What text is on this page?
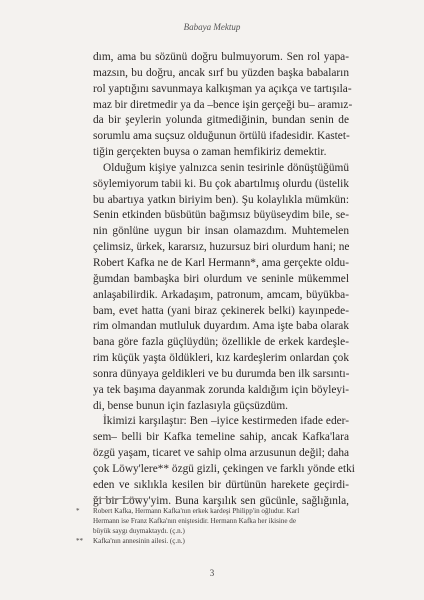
Babaya Mektup
dım, ama bu sözünü doğru bulmuyorum. Sen rol yapa-
mazsın, bu doğru, ancak sırf bu yüzden başka babaların
rol yaptığını savunmaya kalkışman ya açıkça ve tartışıla-
maz bir diretmedir ya da –bence işin gerçeği bu– aramız-
da bir şeylerin yolunda gitmediğinin, bundan senin de
sorumlu ama suçsuz olduğunun örtülü ifadesidir. Kastet-
tiğin gerçekten buysa o zaman hemfikiriz demektir.
Olduğum kişiye yalnızca senin tesirinle dönüştüğümü
söylemiyorum tabii ki. Bu çok abartılmış olurdu (üstelik
bu abartıya yatkın biriyim ben). Şu kolaylıkla mümkün:
Senin etkinden büsbütün bağımsız büyüseydim bile, se-
nin gönlüne uygun bir insan olamazdım. Muhtemelen
çelimsiz, ürkek, kararsız, huzursuz biri olurdum hani; ne
Robert Kafka ne de Karl Hermann*, ama gerçekte oldu-
ğumdan bambaşka biri olurdum ve seninle mükemmel
anlaşabilirdik. Arkadaşım, patronum, amcam, büyükba-
bam, evet hatta (yani biraz çekinerek belki) kayınpede-
rim olmandan mutluluk duyardım. Ama işte baba olarak
bana göre fazla güçlüydün; özellikle de erkek kardeşle-
rim küçük yaşta öldükleri, kız kardeşlerim onlardan çok
sonra dünyaya geldikleri ve bu durumda ben ilk sarsıntı-
ya tek başıma dayanmak zorunda kaldığım için böyleyi-
di, bense bunun için fazlasıyla güçsüzdüm.
İkimizi karşılaştır: Ben –iyice kestirmeden ifade eder-
sem– belli bir Kafka temeline sahip, ancak Kafka'lara
özgü yaşam, ticaret ve sahip olma arzusunun değil; daha
çok Löwy'lere** özgü gizli, çekingen ve farklı yönde etki
eden ve sıklıkla kesilen bir dürtünün harekete geçirdi-
ği bir Löwy'yim. Buna karşılık sen gücünle, sağlığınla,
* Robert Kafka, Hermann Kafka'nın erkek kardeşi Philipp'in oğludur. Karl
Hermann ise Franz Kafka'nın eniştesidir. Hermann Kafka her ikisine de
büyük saygı duymaktaydı. (ç.n.)
** Kafka'nın annesinin ailesi. (ç.n.)
3
